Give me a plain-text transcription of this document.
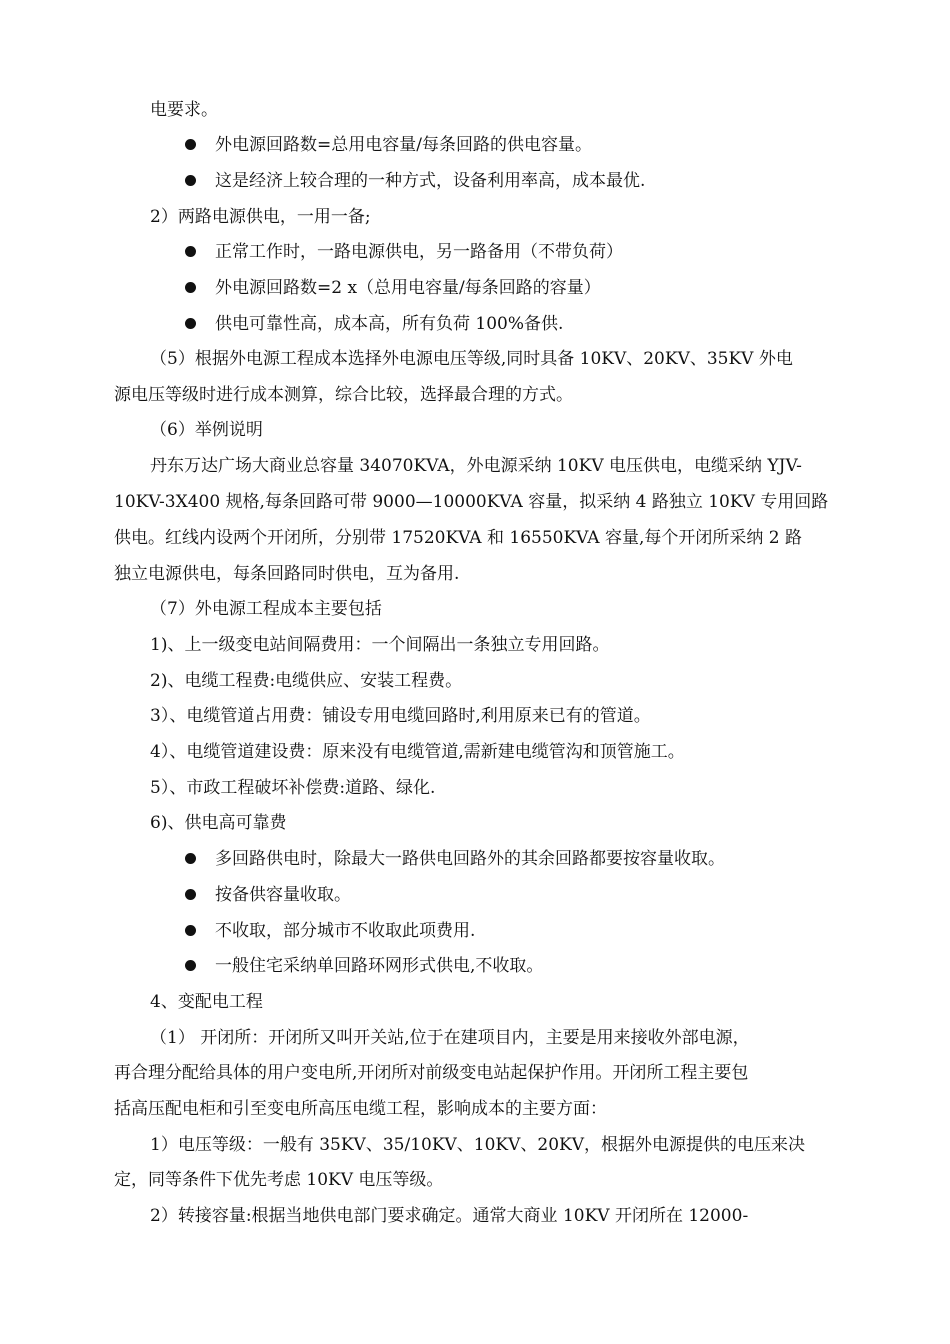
电要求。
外电源回路数=总用电容量/每条回路的供电容量。
这是经济上较合理的一种方式，设备利用率高，成本最优.
2）两路电源供电，一用一备;
正常工作时，一路电源供电，另一路备用（不带负荷）
外电源回路数=2 x（总用电容量/每条回路的容量）
供电可靠性高，成本高，所有负荷 100%备供.
（5）根据外电源工程成本选择外电源电压等级,同时具备 10KV、20KV、35KV 外电
源电压等级时进行成本测算，综合比较，选择最合理的方式。
（6）举例说明
丹东万达广场大商业总容量 34070KVA，外电源采纳 10KV 电压供电，电缆采纳 YJV-
10KV-3X400 规格,每条回路可带 9000—10000KVA 容量，拟采纳 4 路独立 10KV 专用回路
供电。红线内设两个开闭所，分别带 17520KVA 和 16550KVA 容量,每个开闭所采纳 2 路
独立电源供电，每条回路同时供电，互为备用.
（7）外电源工程成本主要包括
1)、上一级变电站间隔费用：一个间隔出一条独立专用回路。
2)、电缆工程费:电缆供应、安装工程费。
3）、电缆管道占用费：铺设专用电缆回路时,利用原来已有的管道。
4）、电缆管道建设费：原来没有电缆管道,需新建电缆管沟和顶管施工。
5）、市政工程破坏补偿费:道路、绿化.
6)、供电高可靠费
多回路供电时，除最大一路供电回路外的其余回路都要按容量收取。
按备供容量收取。
不收取，部分城市不收取此项费用.
一般住宅采纳单回路环网形式供电,不收取。
4、变配电工程
（1） 开闭所：开闭所又叫开关站,位于在建项目内，主要是用来接收外部电源，
再合理分配给具体的用户变电所,开闭所对前级变电站起保护作用。开闭所工程主要包
括高压配电柜和引至变电所高压电缆工程，影响成本的主要方面：
1）电压等级：一般有 35KV、35/10KV、10KV、20KV，根据外电源提供的电压来决
定，同等条件下优先考虑 10KV 电压等级。
2）转接容量:根据当地供电部门要求确定。通常大商业 10KV 开闭所在 12000-
